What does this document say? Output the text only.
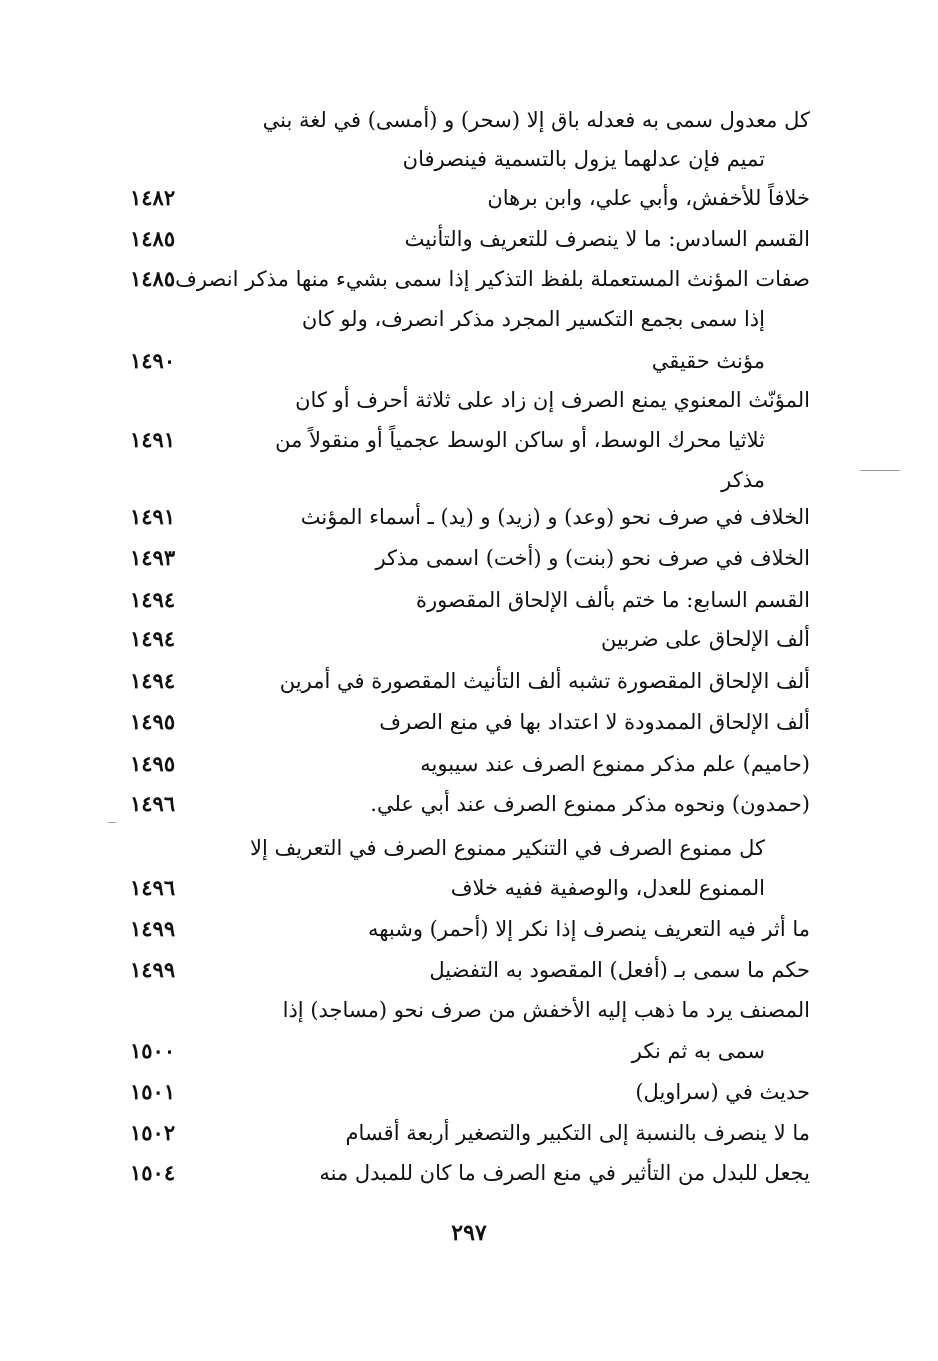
كل معدول سمى به فعدله باق إلا (سحر) و (أمسى) في لغة بني
تميم فإن عدلهما يزول بالتسمية فينصرفان
خلافاً للأخفش، وأبي علي، وابن برهان
١٤٨٢
القسم السادس: ما لا ينصرف للتعريف والتأنيث
١٤٨٥
صفات المؤنث المستعملة بلفظ التذكير إذا سمى بشيء منها مذكر انصرف
١٤٨٥
إذا سمى بجمع التكسير المجرد مذكر انصرف، ولو كان
مؤنث حقيقي
١٤٩٠
المؤنّث المعنوي يمنع الصرف إن زاد على ثلاثة أحرف أو كان
ثلاثيا محرك الوسط، أو ساكن الوسط عجمياً أو منقولاً من
١٤٩١
مذكر
الخلاف في صرف نحو (وعد) و (زيد) و (يد) ـ أسماء المؤنث
١٤٩١
الخلاف في صرف نحو (بنت) و (أخت) اسمى مذكر
١٤٩٣
القسم السابع: ما ختم بألف الإلحاق المقصورة
١٤٩٤
ألف الإلحاق على ضربين
١٤٩٤
ألف الإلحاق المقصورة تشبه ألف التأنيث المقصورة في أمرين
١٤٩٤
ألف الإلحاق الممدودة لا اعتداد بها في منع الصرف
١٤٩٥
(حاميم) علم مذكر ممنوع الصرف عند سيبويه
١٤٩٥
(حمدون) ونحوه مذكر ممنوع الصرف عند أبي علي.
١٤٩٦
كل ممنوع الصرف في التنكير ممنوع الصرف في التعريف إلا
الممنوع للعدل، والوصفية ففيه خلاف
١٤٩٦
ما أثر فيه التعريف ينصرف إذا نكر إلا (أحمر) وشبهه
١٤٩٩
حكم ما سمى بـ (أفعل) المقصود به التفضيل
١٤٩٩
المصنف يرد ما ذهب إليه الأخفش من صرف نحو (مساجد) إذا
سمى به ثم نكر
١٥٠٠
حديث في (سراويل)
١٥٠١
ما لا ينصرف بالنسبة إلى التكبير والتصغير أربعة أقسام
١٥٠٢
يجعل للبدل من التأثير في منع الصرف ما كان للمبدل منه
١٥٠٤
٢٩٧
